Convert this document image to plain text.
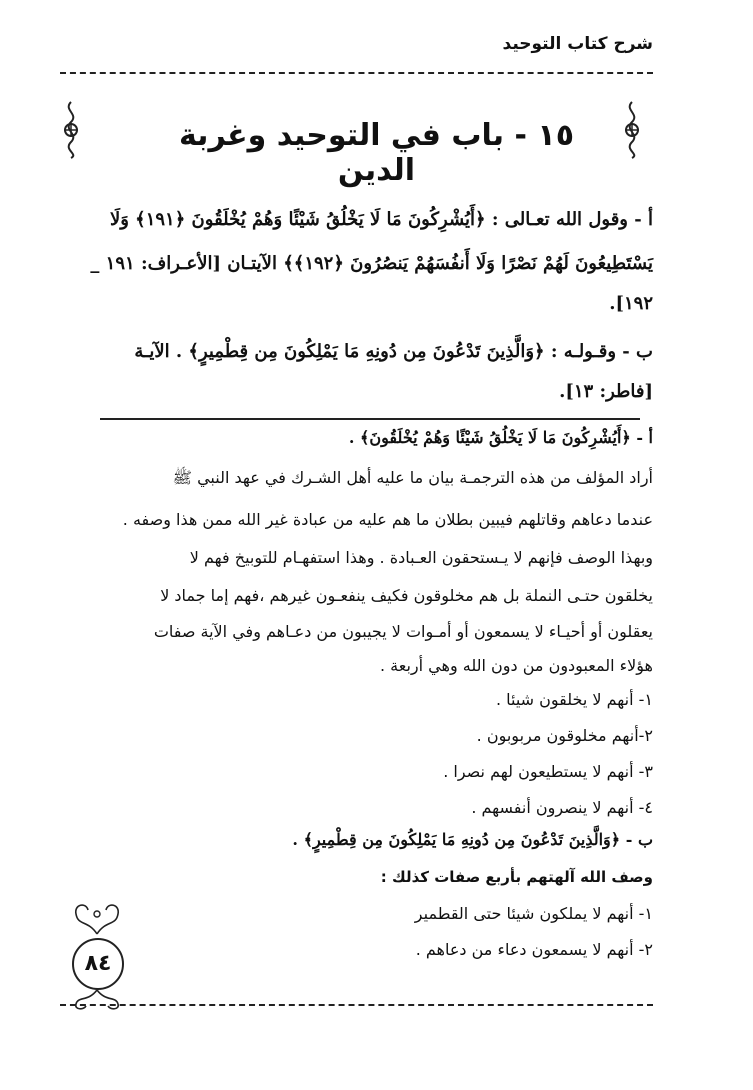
شرح كتاب التوحيد
١٥ - باب في التوحيد وغربة الدين
أ - وقول الله تعـالى : ﴿أَيُشْرِكُونَ مَا لَا يَخْلُقُ شَيْئًا وَهُمْ يُخْلَقُونَ ﴿١٩١﴾ وَلَا
يَسْتَطِيعُونَ لَهُمْ نَصْرًا وَلَا أَنفُسَهُمْ يَنصُرُونَ ﴿١٩٢﴾﴾ الآيتـان [الأعـراف: ١٩١ _
١٩٢].
ب - وقـولـه : ﴿وَالَّذِينَ تَدْعُونَ مِن دُونِهِ مَا يَمْلِكُونَ مِن قِطْمِيرٍ﴾ . الآيـة
[فاطر: ١٣].
أ - ﴿أَيُشْرِكُونَ مَا لَا يَخْلُقُ شَيْئًا وَهُمْ يُخْلَقُونَ﴾ .
أراد المؤلف من هذه الترجمـة بيان ما عليه أهل الشـرك في عهد النبي ﷺ
عندما دعاهم وقاتلهم فيبين بطلان ما هم عليه من عبادة غير الله ممن هذا وصفه .
وبهذا الوصف فإنهم لا يـستحقون العـبادة . وهذا استفهـام للتوبيخ فهم لا
يخلقون حتـى النملة بل هم مخلوقون فكيف ينفعـون غيرهم ،فهم إما جماد لا
يعقلون أو أحيـاء لا يسمعون أو أمـوات لا يجيبون من دعـاهم وفي الآية صفات
هؤلاء المعبودون من دون الله وهي أربعة .
١- أنهم لا يخلقون شيئا .
٢-أنهم مخلوقون مربوبون .
٣- أنهم لا يستطيعون لهم نصرا .
٤- أنهم لا ينصرون أنفسهم .
ب - ﴿وَالَّذِينَ تَدْعُونَ مِن دُونِهِ مَا يَمْلِكُونَ مِن قِطْمِيرٍ﴾ .
وصف الله آلهتهم بأربع صفات كذلك :
١- أنهم لا يملكون شيئا حتى القطمير
٢- أنهم لا يسمعون دعاء من دعاهم .
٨٤
